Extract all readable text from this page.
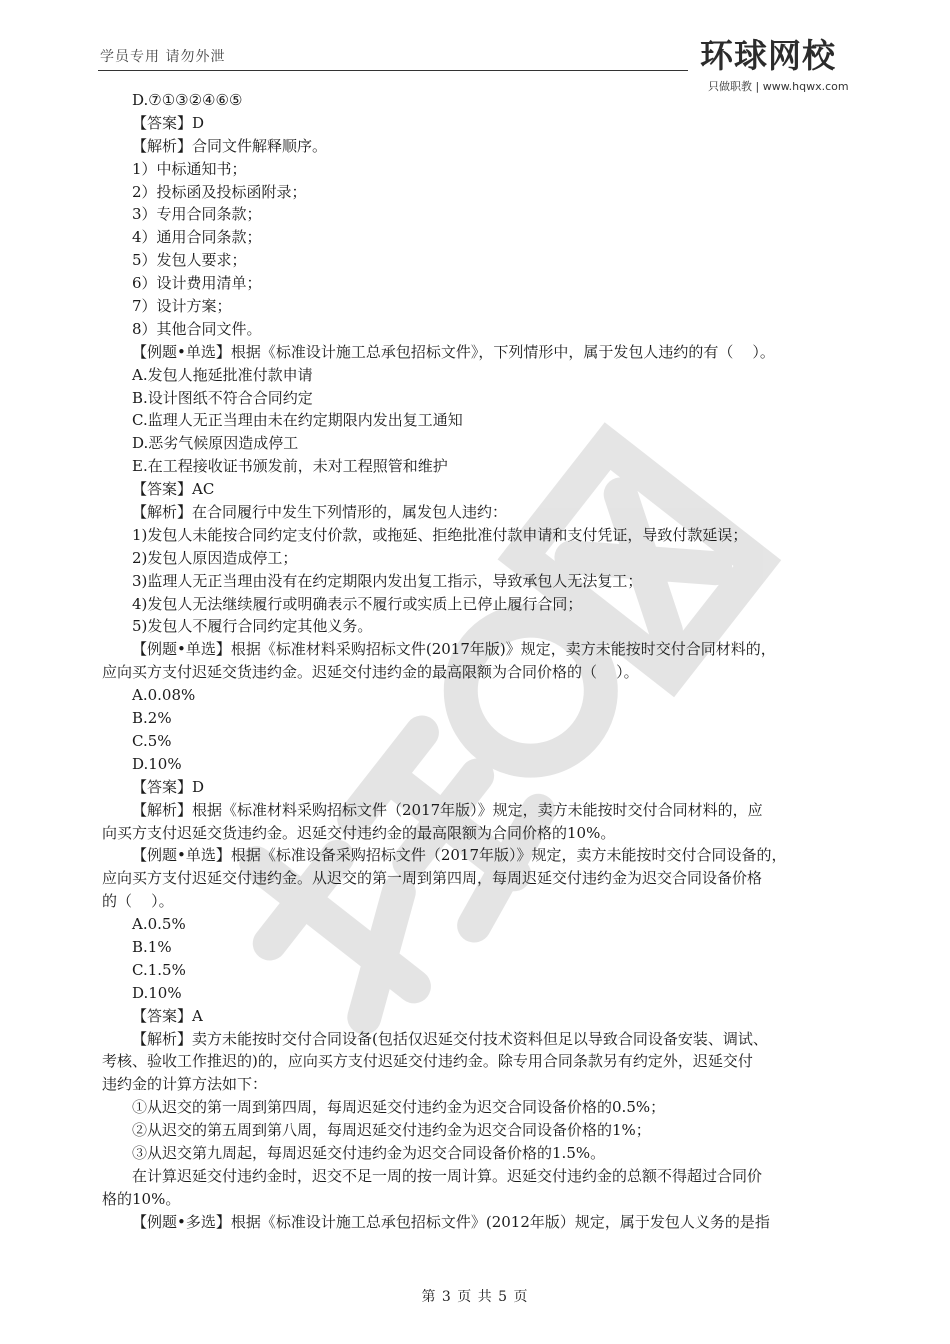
学员专用 请勿外泄	环球网校
只做职教 | www.hqwx.com
D.⑦①③②④⑥⑤
【答案】D
【解析】合同文件解释顺序。
1）中标通知书；
2）投标函及投标函附录；
3）专用合同条款；
4）通用合同条款；
5）发包人要求；
6）设计费用清单；
7）设计方案；
8）其他合同文件。
【例题•单选】根据《标准设计施工总承包招标文件》，下列情形中，属于发包人违约的有（    ）。
A.发包人拖延批准付款申请
B.设计图纸不符合合同约定
C.监理人无正当理由未在约定期限内发出复工通知
D.恶劣气候原因造成停工
E.在工程接收证书颁发前，未对工程照管和维护
【答案】AC
【解析】在合同履行中发生下列情形的，属发包人违约：
1)发包人未能按合同约定支付价款，或拖延、拒绝批准付款申请和支付凭证，导致付款延误；
2)发包人原因造成停工；
3)监理人无正当理由没有在约定期限内发出复工指示，导致承包人无法复工；
4)发包人无法继续履行或明确表示不履行或实质上已停止履行合同；
5)发包人不履行合同约定其他义务。
【例题•单选】根据《标准材料采购招标文件(2017年版)》规定，卖方未能按时交付合同材料的，
应向买方支付迟延交货违约金。迟延交付违约金的最高限额为合同价格的（    ）。
A.0.08%
B.2%
C.5%
D.10%
【答案】D
【解析】根据《标准材料采购招标文件（2017年版）》规定，卖方未能按时交付合同材料的，应
向买方支付迟延交货违约金。迟延交付违约金的最高限额为合同价格的10%。
【例题•单选】根据《标准设备采购招标文件（2017年版）》规定，卖方未能按时交付合同设备的，
应向买方支付迟延交付违约金。从迟交的第一周到第四周，每周迟延交付违约金为迟交合同设备价格
的（    ）。
A.0.5%
B.1%
C.1.5%
D.10%
【答案】A
【解析】卖方未能按时交付合同设备(包括仅迟延交付技术资料但足以导致合同设备安装、调试、
考核、验收工作推迟的)的，应向买方支付迟延交付违约金。除专用合同条款另有约定外，迟延交付
违约金的计算方法如下：
①从迟交的第一周到第四周，每周迟延交付违约金为迟交合同设备价格的0.5%；
②从迟交的第五周到第八周，每周迟延交付违约金为迟交合同设备价格的1%；
③从迟交第九周起，每周迟延交付违约金为迟交合同设备价格的1.5%。
在计算迟延交付违约金时，迟交不足一周的按一周计算。迟延交付违约金的总额不得超过合同价
格的10%。
【例题•多选】根据《标准设计施工总承包招标文件》(2012年版）规定，属于发包人义务的是指
第 3 页 共 5 页
